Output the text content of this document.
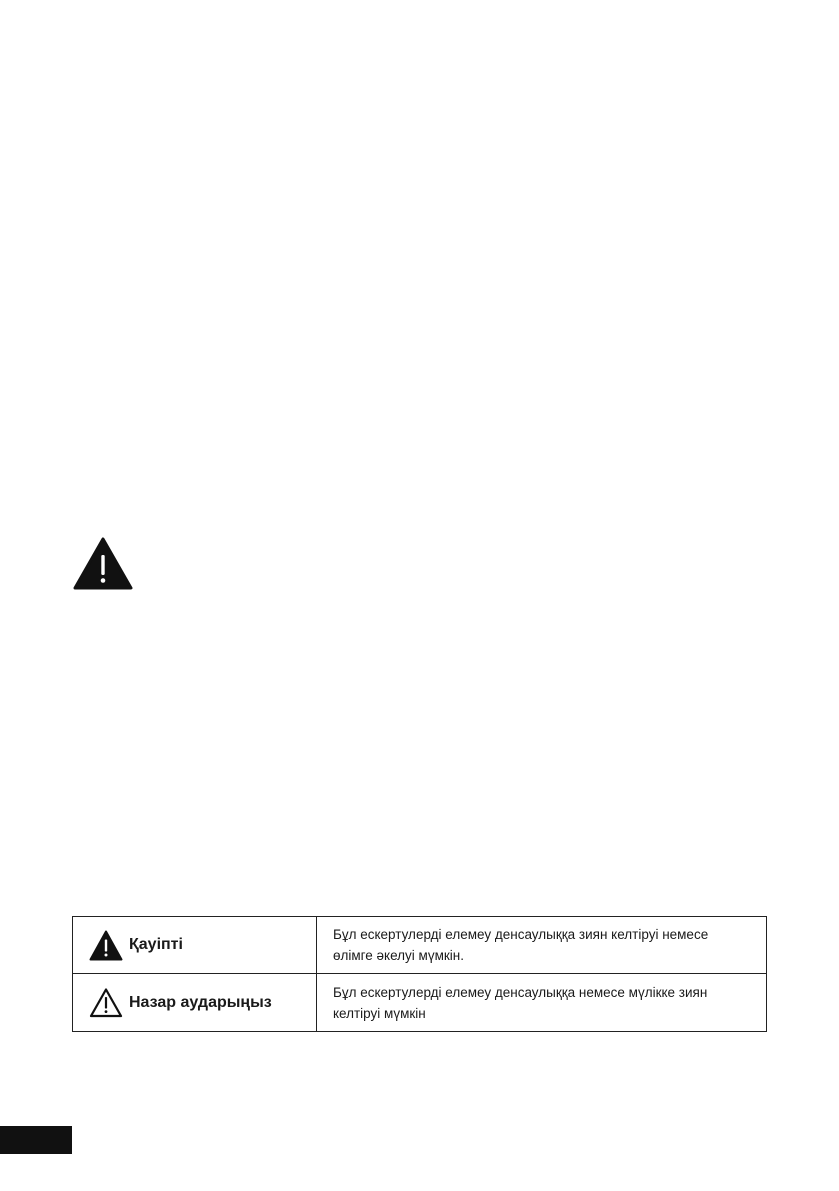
Қауіпті
Бұл ескертулерді елемеу денсаулыққа зиян келтіруі немесе өлімге әкелуі мүмкін.
Назар аударыңыз
Бұл ескертулерді елемеу денсаулыққа немесе мүлікке зиян келтіруі мүмкін
